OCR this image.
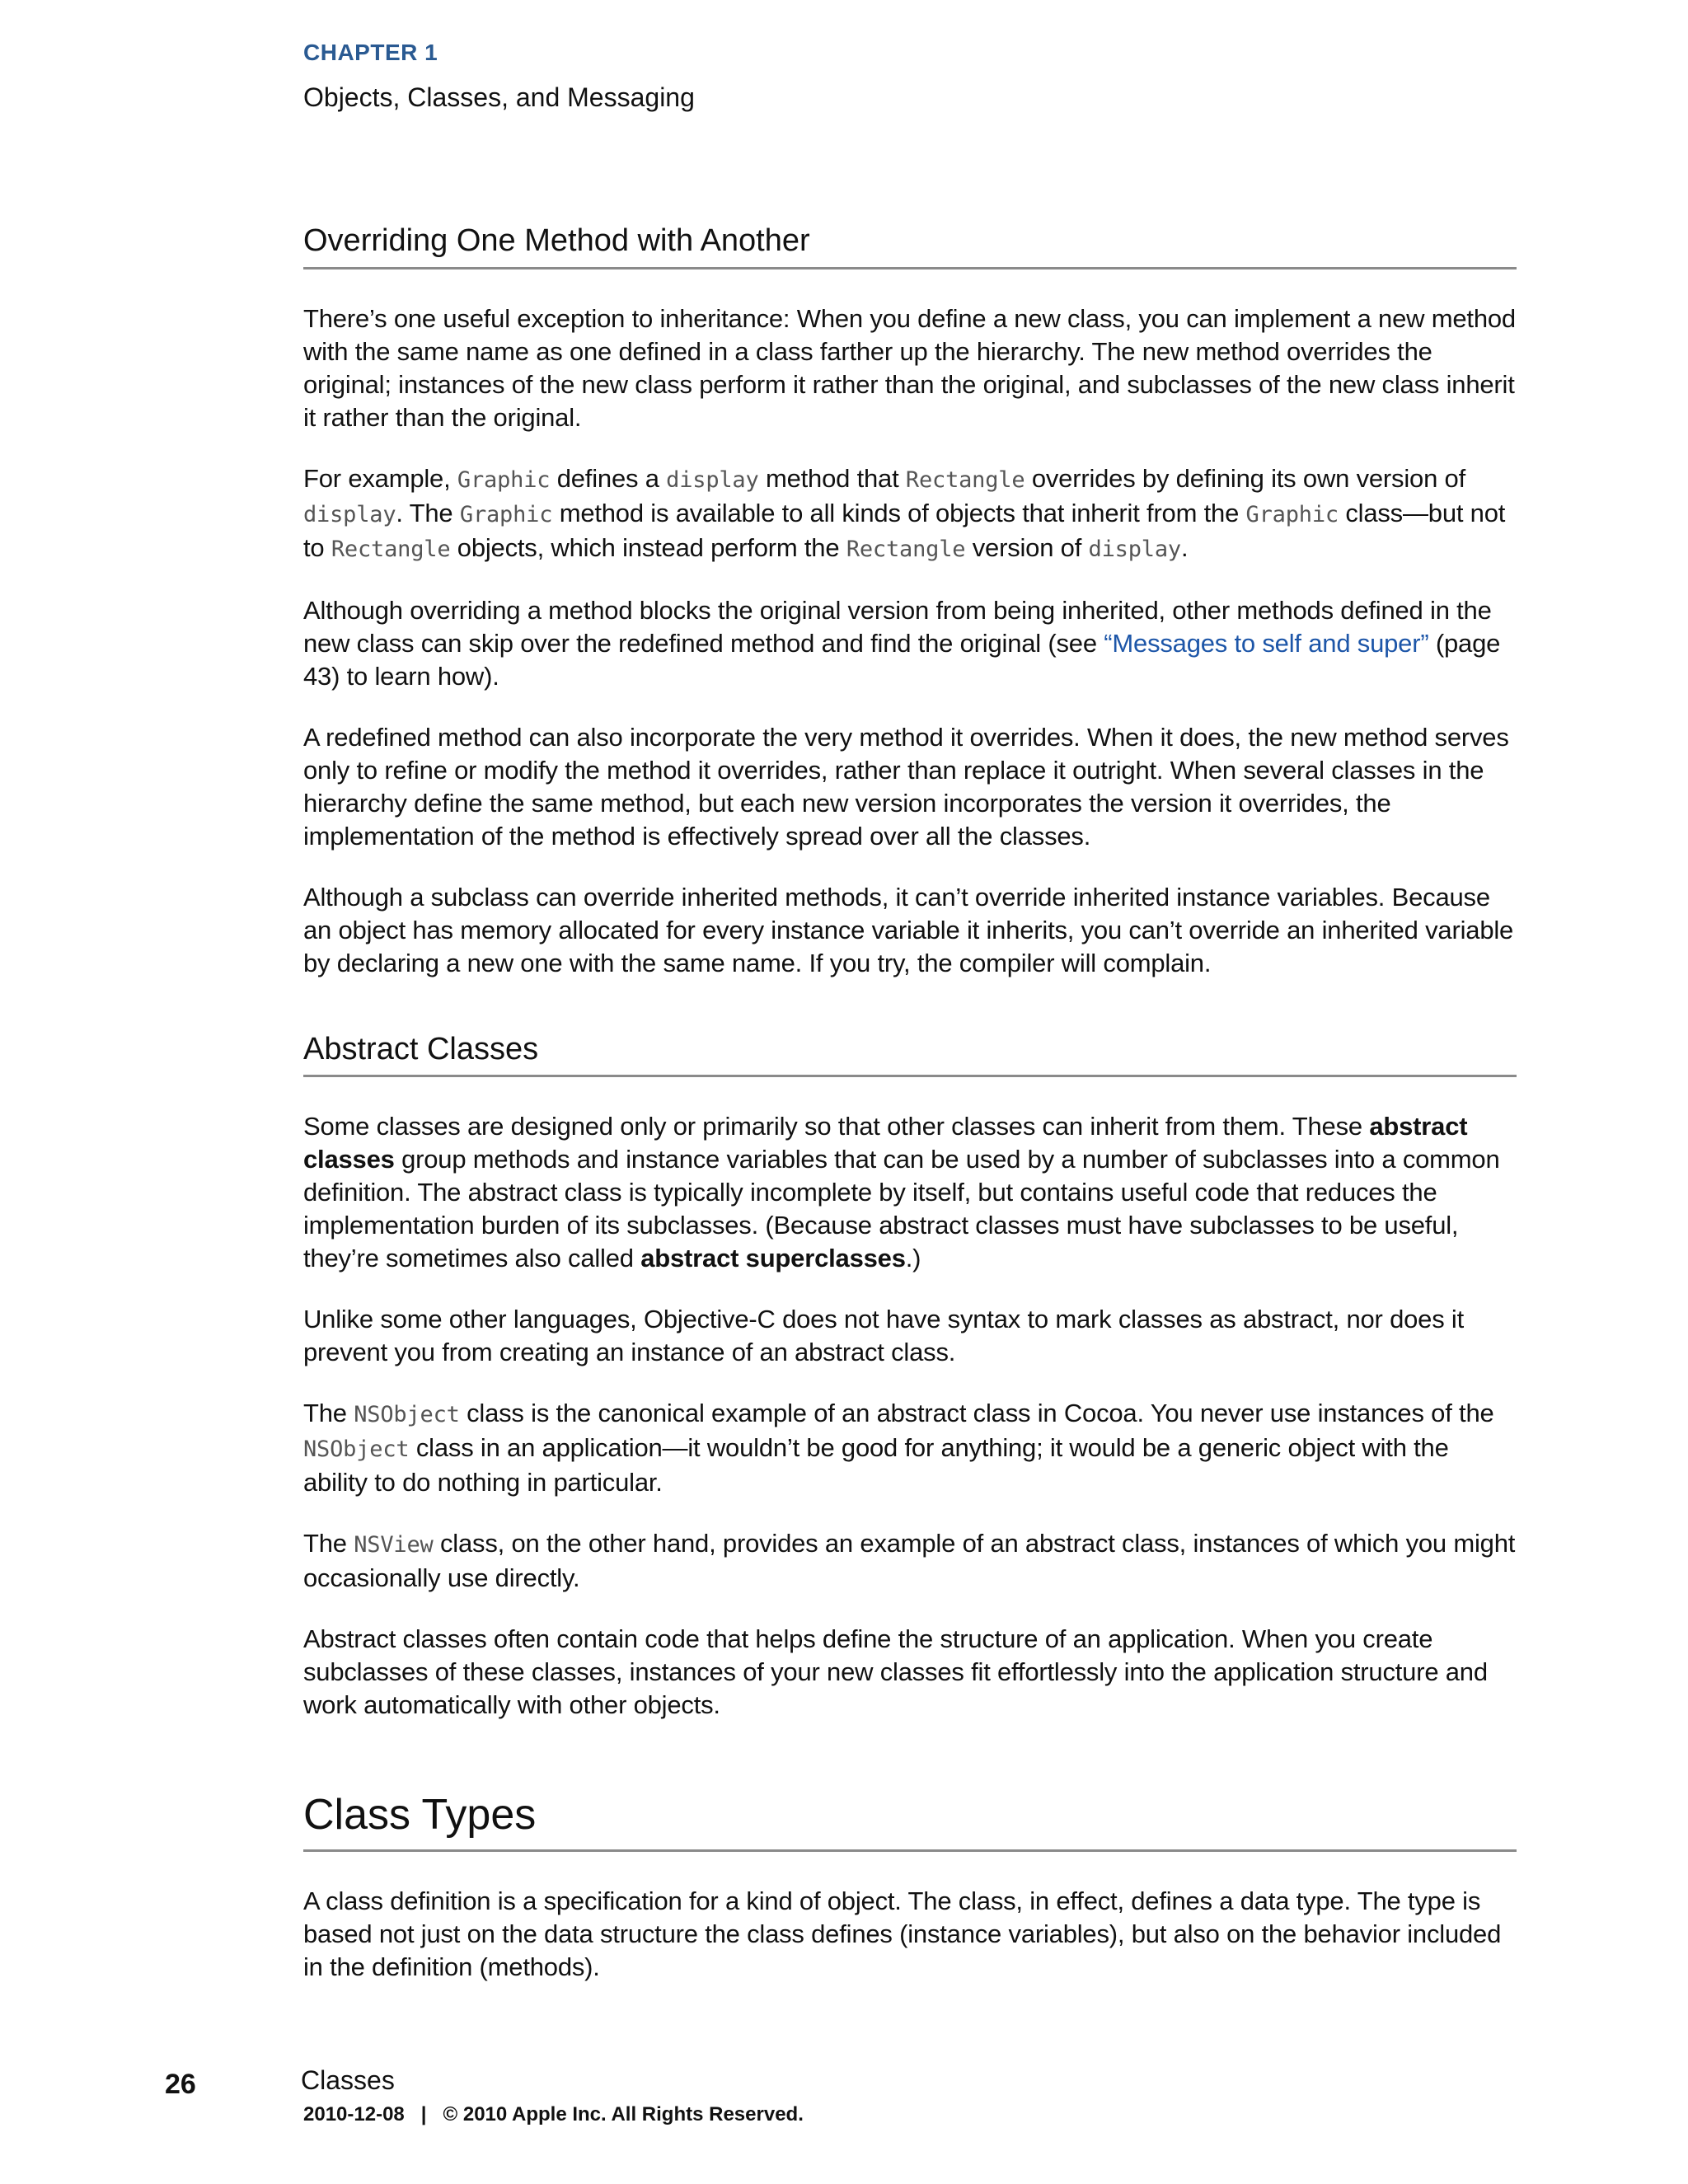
CHAPTER 1
Objects, Classes, and Messaging
Overriding One Method with Another

There’s one useful exception to inheritance: When you define a new class, you can implement a new method with the same name as one defined in a class farther up the hierarchy. The new method overrides the original; instances of the new class perform it rather than the original, and subclasses of the new class inherit it rather than the original.

For example, Graphic defines a display method that Rectangle overrides by defining its own version of display. The Graphic method is available to all kinds of objects that inherit from the Graphic class—but not to Rectangle objects, which instead perform the Rectangle version of display.

Although overriding a method blocks the original version from being inherited, other methods defined in the new class can skip over the redefined method and find the original (see “Messages to self and super” (page 43) to learn how).

A redefined method can also incorporate the very method it overrides. When it does, the new method serves only to refine or modify the method it overrides, rather than replace it outright. When several classes in the hierarchy define the same method, but each new version incorporates the version it overrides, the implementation of the method is effectively spread over all the classes.

Although a subclass can override inherited methods, it can’t override inherited instance variables. Because an object has memory allocated for every instance variable it inherits, you can’t override an inherited variable by declaring a new one with the same name. If you try, the compiler will complain.

Abstract Classes

Some classes are designed only or primarily so that other classes can inherit from them. These abstract classes group methods and instance variables that can be used by a number of subclasses into a common definition. The abstract class is typically incomplete by itself, but contains useful code that reduces the implementation burden of its subclasses. (Because abstract classes must have subclasses to be useful, they’re sometimes also called abstract superclasses.)

Unlike some other languages, Objective-C does not have syntax to mark classes as abstract, nor does it prevent you from creating an instance of an abstract class.

The NSObject class is the canonical example of an abstract class in Cocoa. You never use instances of the NSObject class in an application—it wouldn’t be good for anything; it would be a generic object with the ability to do nothing in particular.

The NSView class, on the other hand, provides an example of an abstract class, instances of which you might occasionally use directly.

Abstract classes often contain code that helps define the structure of an application. When you create subclasses of these classes, instances of your new classes fit effortlessly into the application structure and work automatically with other objects.

Class Types

A class definition is a specification for a kind of object. The class, in effect, defines a data type. The type is based not just on the data structure the class defines (instance variables), but also on the behavior included in the definition (methods).

26	Classes
2010-12-08   |   © 2010 Apple Inc. All Rights Reserved.
